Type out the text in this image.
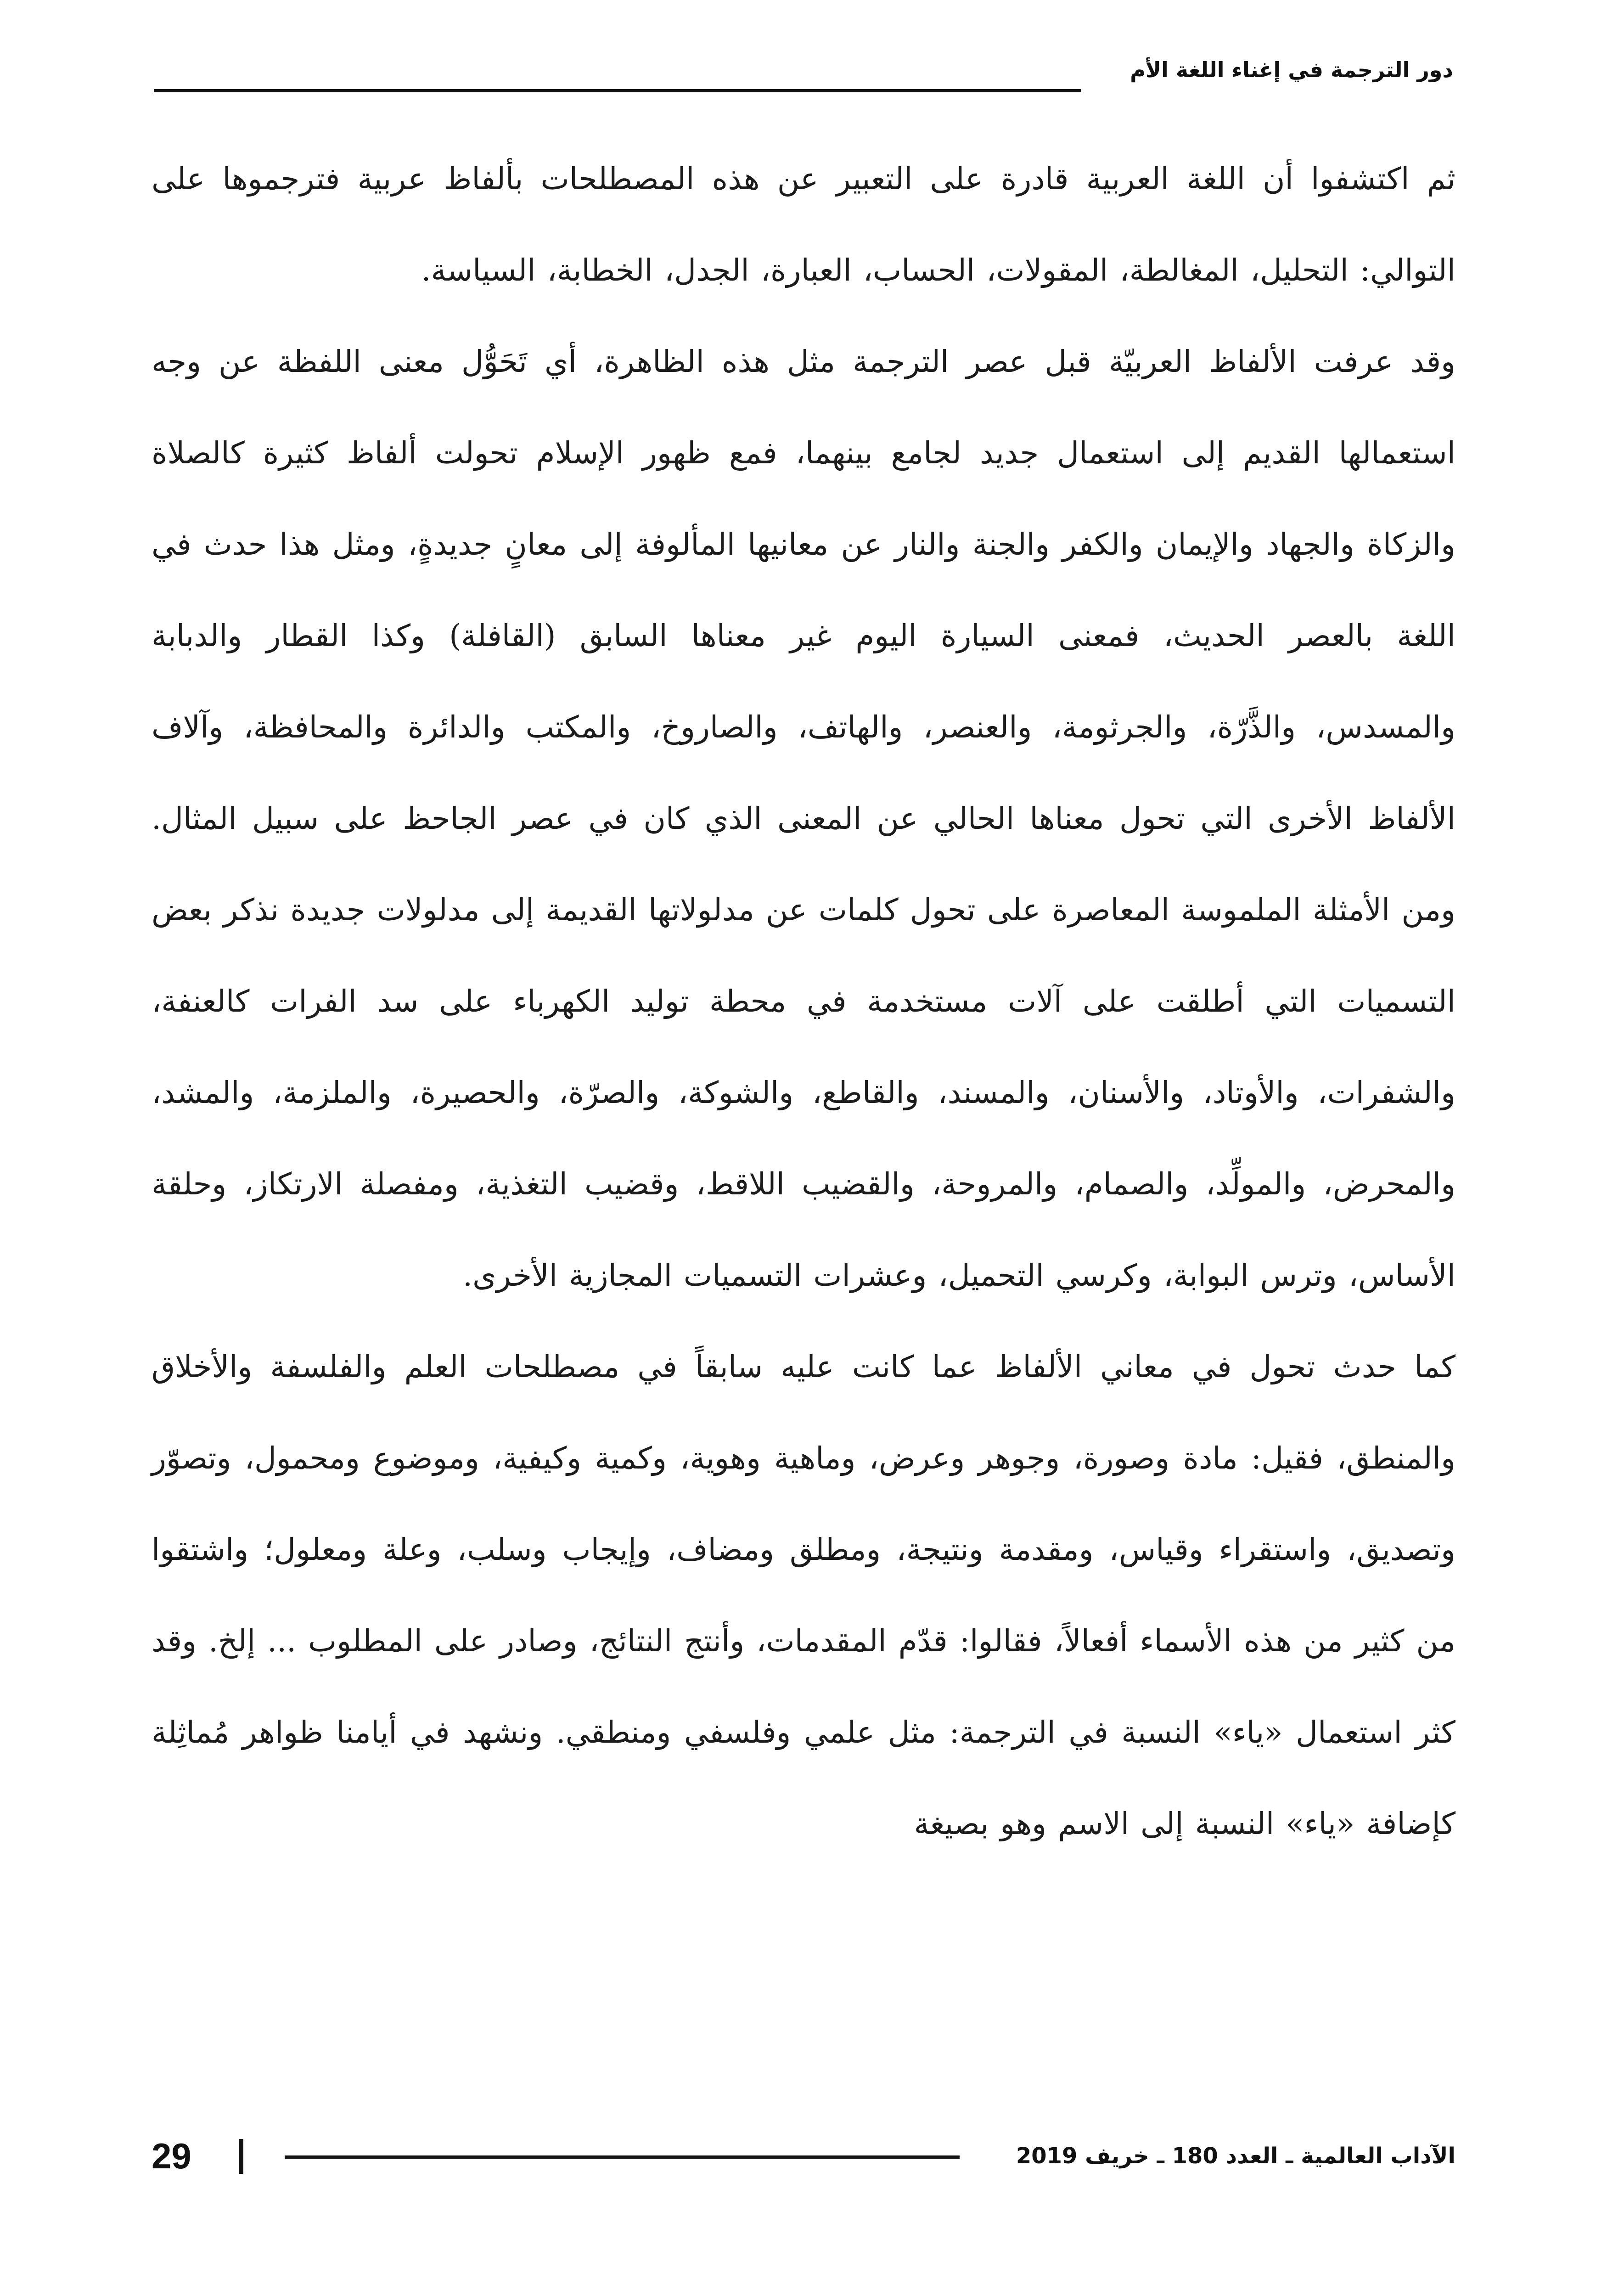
دور الترجمة في إغناء اللغة الأم

ثم اكتشفوا أن اللغة العربية قادرة على التعبير عن هذه المصطلحات بألفاظ عربية فترجموها على التوالي: التحليل، المغالطة، المقولات، الحساب، العبارة، الجدل، الخطابة، السياسة.

وقد عرفت الألفاظ العربيّة قبل عصر الترجمة مثل هذه الظاهرة، أي تَحَوُّل معنى اللفظة عن وجه استعمالها القديم إلى استعمال جديد لجامع بينهما، فمع ظهور الإسلام تحولت ألفاظ كثيرة كالصلاة والزكاة والجهاد والإيمان والكفر والجنة والنار عن معانيها المألوفة إلى معانٍ جديدةٍ، ومثل هذا حدث في اللغة بالعصر الحديث، فمعنى السيارة اليوم غير معناها السابق (القافلة) وكذا القطار والدبابة والمسدس، والذَّرّة، والجرثومة، والعنصر، والهاتف، والصاروخ، والمكتب والدائرة والمحافظة، وآلاف الألفاظ الأخرى التي تحول معناها الحالي عن المعنى الذي كان في عصر الجاحظ على سبيل المثال. ومن الأمثلة الملموسة المعاصرة على تحول كلمات عن مدلولاتها القديمة إلى مدلولات جديدة نذكر بعض التسميات التي أطلقت على آلات مستخدمة في محطة توليد الكهرباء على سد الفرات كالعنفة، والشفرات، والأوتاد، والأسنان، والمسند، والقاطع، والشوكة، والصرّة، والحصيرة، والملزمة، والمشد، والمحرض، والمولِّد، والصمام، والمروحة، والقضيب اللاقط، وقضيب التغذية، ومفصلة الارتكاز، وحلقة الأساس، وترس البوابة، وكرسي التحميل، وعشرات التسميات المجازية الأخرى.

كما حدث تحول في معاني الألفاظ عما كانت عليه سابقاً في مصطلحات العلم والفلسفة والأخلاق والمنطق، فقيل: مادة وصورة، وجوهر وعرض، وماهية وهوية، وكمية وكيفية، وموضوع ومحمول، وتصوّر وتصديق، واستقراء وقياس، ومقدمة ونتيجة، ومطلق ومضاف، وإيجاب وسلب، وعلة ومعلول؛ واشتقوا من كثير من هذه الأسماء أفعالاً، فقالوا: قدّم المقدمات، وأنتج النتائج، وصادر على المطلوب ... إلخ. وقد كثر استعمال «ياء» النسبة في الترجمة: مثل علمي وفلسفي ومنطقي. ونشهد في أيامنا ظواهر مُماثِلة كإضافة «ياء» النسبة إلى الاسم وهو بصيغة

29	الآداب العالمية ـ العدد 180 ـ خريف 2019
